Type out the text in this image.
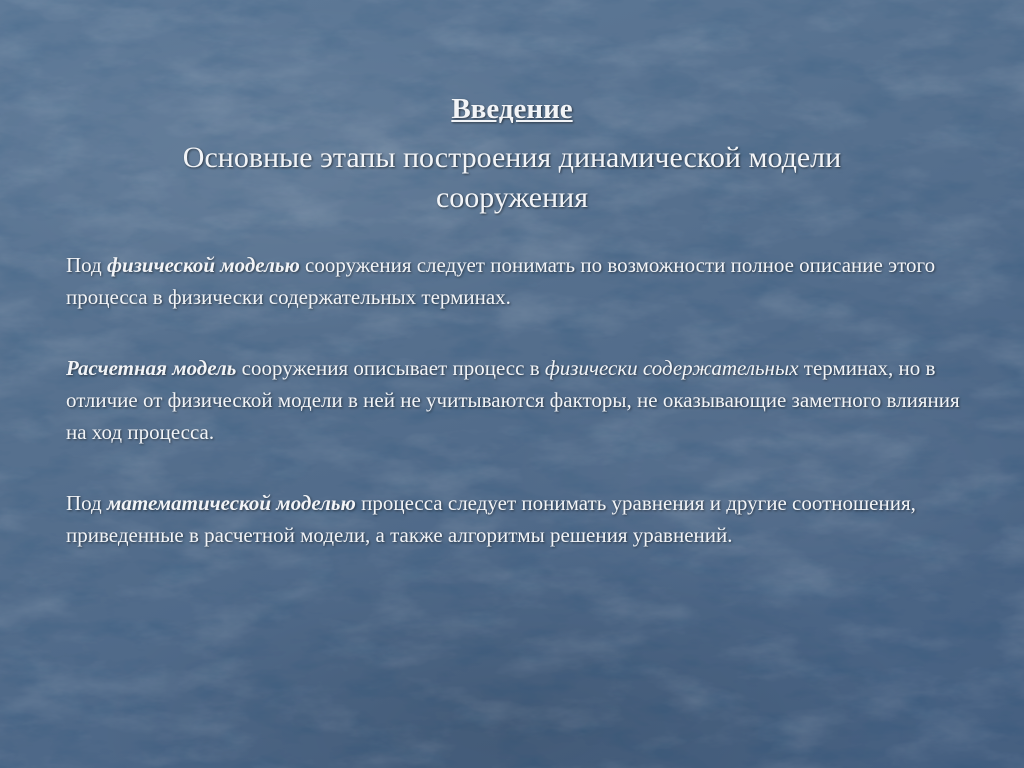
Введение
Основные этапы построения динамической модели сооружения

Под физической моделью сооружения следует понимать по возможности полное описание этого процесса в физически содержательных терминах.

Расчетная модель сооружения описывает процесс в физически содержательных терминах, но в отличие от физической модели в ней не учитываются факторы, не оказывающие заметного влияния на ход процесса.

Под математической моделью процесса следует понимать уравнения и другие соотношения, приведенные в расчетной модели, а также алгоритмы решения уравнений.
